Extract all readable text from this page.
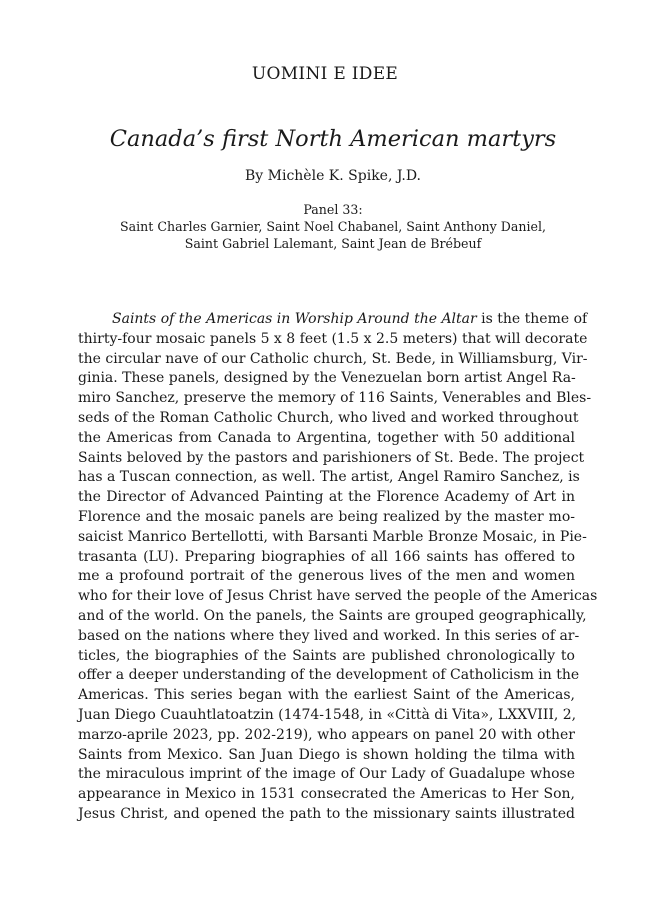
UOMINI E IDEE
Canada’s first North American martyrs
By Michèle K. Spike, J.D.
Panel 33:
Saint Charles Garnier, Saint Noel Chabanel, Saint Anthony Daniel,
Saint Gabriel Lalemant, Saint Jean de Brébeuf
Saints of the Americas in Worship Around the Altar is the theme of
thirty-four mosaic panels 5 x 8 feet (1.5 x 2.5 meters) that will decorate
the circular nave of our Catholic church, St. Bede, in Williamsburg, Vir-
ginia. These panels, designed by the Venezuelan born artist Angel Ra-
miro Sanchez, preserve the memory of 116 Saints, Venerables and Bles-
seds of the Roman Catholic Church, who lived and worked throughout
the Americas from Canada to Argentina, together with 50 additional
Saints beloved by the pastors and parishioners of St. Bede. The project
has a Tuscan connection, as well. The artist, Angel Ramiro Sanchez, is
the Director of Advanced Painting at the Florence Academy of Art in
Florence and the mosaic panels are being realized by the master mo-
saicist Manrico Bertellotti, with Barsanti Marble Bronze Mosaic, in Pie-
trasanta (LU). Preparing biographies of all 166 saints has offered to
me a profound portrait of the generous lives of the men and women
who for their love of Jesus Christ have served the people of the Americas
and of the world. On the panels, the Saints are grouped geographically,
based on the nations where they lived and worked. In this series of ar-
ticles, the biographies of the Saints are published chronologically to
offer a deeper understanding of the development of Catholicism in the
Americas. This series began with the earliest Saint of the Americas,
Juan Diego Cuauhtlatoatzin (1474-1548, in «Città di Vita», LXXVIII, 2,
marzo-aprile 2023, pp. 202-219), who appears on panel 20 with other
Saints from Mexico. San Juan Diego is shown holding the tilma with
the miraculous imprint of the image of Our Lady of Guadalupe whose
appearance in Mexico in 1531 consecrated the Americas to Her Son,
Jesus Christ, and opened the path to the missionary saints illustrated
